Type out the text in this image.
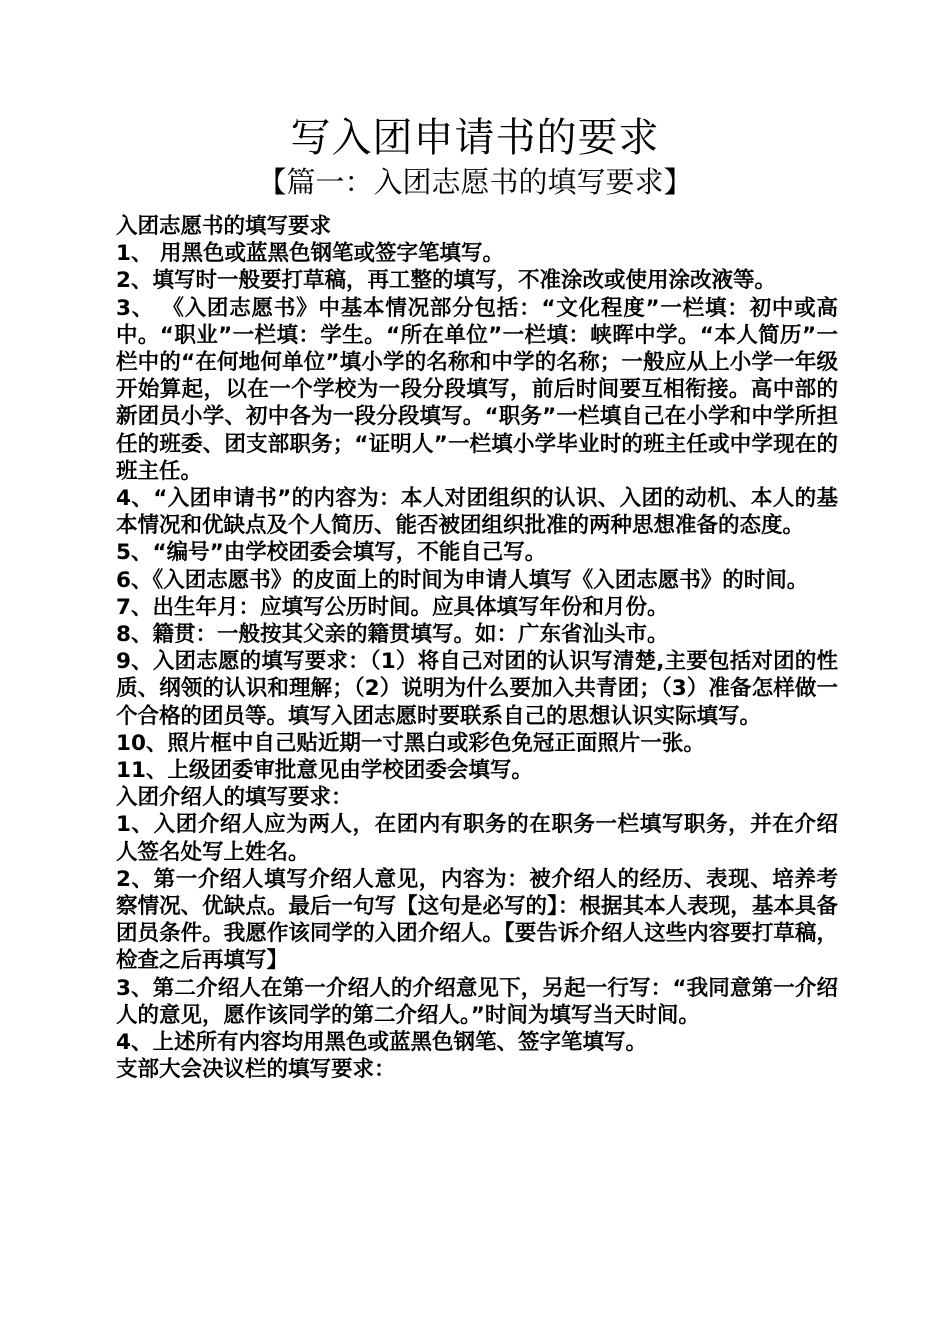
写入团申请书的要求
【篇一：入团志愿书的填写要求】

入团志愿书的填写要求

1、 用黑色或蓝黑色钢笔或签字笔填写。

2、填写时一般要打草稿，再工整的填写，不准涂改或使用涂改液等。

3、 《入团志愿书》中基本情况部分包括：“文化程度”一栏填：初中或高中。“职业”一栏填：学生。“所在单位”一栏填：峡晖中学。“本人简历”一栏中的“在何地何单位”填小学的名称和中学的名称；一般应从上小学一年级开始算起，以在一个学校为一段分段填写，前后时间要互相衔接。高中部的新团员小学、初中各为一段分段填写。“职务”一栏填自己在小学和中学所担任的班委、团支部职务；“证明人”一栏填小学毕业时的班主任或中学现在的班主任。

4、“入团申请书”的内容为：本人对团组织的认识、入团的动机、本人的基本情况和优缺点及个人简历、能否被团组织批准的两种思想准备的态度。

5、“编号”由学校团委会填写，不能自己写。

6、《入团志愿书》的皮面上的时间为申请人填写《入团志愿书》的时间。

7、出生年月：应填写公历时间。应具体填写年份和月份。

8、籍贯：一般按其父亲的籍贯填写。如：广东省汕头市。

9、入团志愿的填写要求：（1）将自己对团的认识写清楚,主要包括对团的性质、纲领的认识和理解；（2）说明为什么要加入共青团；（3）准备怎样做一个合格的团员等。填写入团志愿时要联系自己的思想认识实际填写。

10、照片框中自己贴近期一寸黑白或彩色免冠正面照片一张。

11、上级团委审批意见由学校团委会填写。

入团介绍人的填写要求：

1、入团介绍人应为两人，在团内有职务的在职务一栏填写职务，并在介绍人签名处写上姓名。

2、第一介绍人填写介绍人意见，内容为：被介绍人的经历、表现、培养考察情况、优缺点。最后一句写【这句是必写的】：根据其本人表现，基本具备团员条件。我愿作该同学的入团介绍人。【要告诉介绍人这些内容要打草稿，检查之后再填写】

3、第二介绍人在第一介绍人的介绍意见下，另起一行写：“我同意第一介绍人的意见，愿作该同学的第二介绍人。”时间为填写当天时间。

4、上述所有内容均用黑色或蓝黑色钢笔、签字笔填写。

支部大会决议栏的填写要求：
